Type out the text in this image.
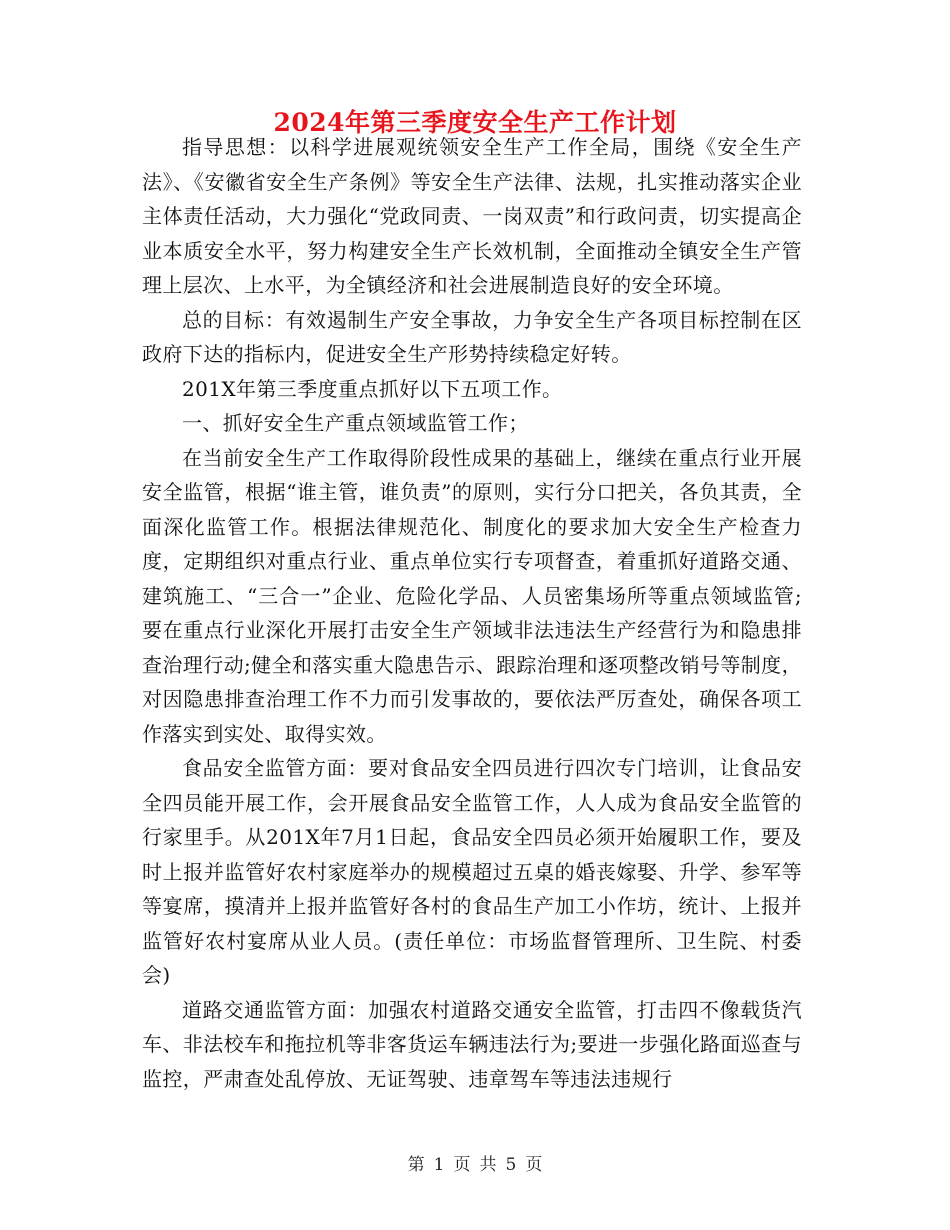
2024年第三季度安全生产工作计划

指导思想：以科学进展观统领安全生产工作全局，围绕《安全生产法》、《安徽省安全生产条例》等安全生产法律、法规，扎实推动落实企业主体责任活动，大力强化“党政同责、一岗双责”和行政问责，切实提高企业本质安全水平，努力构建安全生产长效机制，全面推动全镇安全生产管理上层次、上水平，为全镇经济和社会进展制造良好的安全环境。

总的目标：有效遏制生产安全事故，力争安全生产各项目标控制在区政府下达的指标内，促进安全生产形势持续稳定好转。

201X年第三季度重点抓好以下五项工作。

一、抓好安全生产重点领域监管工作；

在当前安全生产工作取得阶段性成果的基础上，继续在重点行业开展安全监管，根据“谁主管，谁负责”的原则，实行分口把关，各负其责，全面深化监管工作。根据法律规范化、制度化的要求加大安全生产检查力度，定期组织对重点行业、重点单位实行专项督查，着重抓好道路交通、建筑施工、“三合一”企业、危险化学品、人员密集场所等重点领域监管;要在重点行业深化开展打击安全生产领域非法违法生产经营行为和隐患排查治理行动;健全和落实重大隐患告示、跟踪治理和逐项整改销号等制度，对因隐患排查治理工作不力而引发事故的，要依法严厉查处，确保各项工作落实到实处、取得实效。

食品安全监管方面：要对食品安全四员进行四次专门培训，让食品安全四员能开展工作，会开展食品安全监管工作，人人成为食品安全监管的行家里手。从201X年7月1日起，食品安全四员必须开始履职工作，要及时上报并监管好农村家庭举办的规模超过五桌的婚丧嫁娶、升学、参军等等宴席，摸清并上报并监管好各村的食品生产加工小作坊，统计、上报并监管好农村宴席从业人员。(责任单位：市场监督管理所、卫生院、村委会)

道路交通监管方面：加强农村道路交通安全监管，打击四不像载货汽车、非法校车和拖拉机等非客货运车辆违法行为;要进一步强化路面巡查与监控，严肃查处乱停放、无证驾驶、违章驾车等违法违规行

第 1 页 共 5 页
